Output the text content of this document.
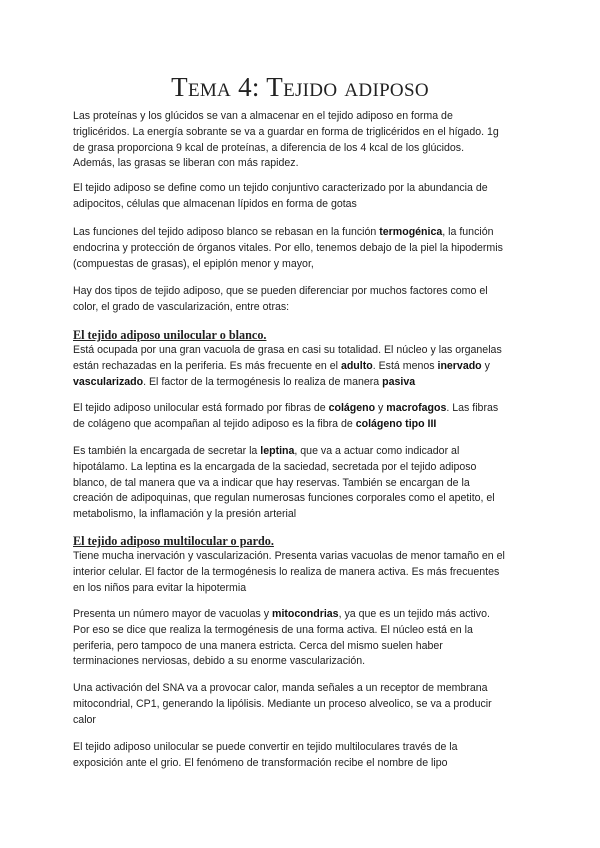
Tema 4: Tejido adiposo

Las proteínas y los glúcidos se van a almacenar en el tejido adiposo en forma de
triglicéridos. La energía sobrante se va a guardar en forma de triglicéridos en el hígado. 1g
de grasa proporciona 9 kcal de proteínas, a diferencia de los 4 kcal de los glúcidos.
Además, las grasas se liberan con más rapidez.

El tejido adiposo se define como un tejido conjuntivo caracterizado por la abundancia de
adipocitos, células que almacenan lípidos en forma de gotas

Las funciones del tejido adiposo blanco se rebasan en la función termogénica, la función
endocrina y protección de órganos vitales. Por ello, tenemos debajo de la piel la hipodermis
(compuestas de grasas), el epiplón menor y mayor,

Hay dos tipos de tejido adiposo, que se pueden diferenciar por muchos factores como el
color, el grado de vascularización, entre otras:

El tejido adiposo unilocular o blanco.

Está ocupada por una gran vacuola de grasa en casi su totalidad. El núcleo y las organelas
están rechazadas en la periferia. Es más frecuente en el adulto. Está menos inervado y
vascularizado. El factor de la termogénesis lo realiza de manera pasiva

El tejido adiposo unilocular está formado por fibras de colágeno y macrofagos. Las fibras
de colágeno que acompañan al tejido adiposo es la fibra de colágeno tipo III

Es también la encargada de secretar la leptina, que va a actuar como indicador al
hipotálamo. La leptina es la encargada de la saciedad, secretada por el tejido adiposo
blanco, de tal manera que va a indicar que hay reservas. También se encargan de la
creación de adipoquinas, que regulan numerosas funciones corporales como el apetito, el
metabolismo, la inflamación y la presión arterial

El tejido adiposo multilocular o pardo.

Tiene mucha inervación y vascularización. Presenta varias vacuolas de menor tamaño en el
interior celular. El factor de la termogénesis lo realiza de manera activa. Es más frecuentes
en los niños para evitar la hipotermia

Presenta un número mayor de vacuolas y mitocondrias, ya que es un tejido más activo.
Por eso se dice que realiza la termogénesis de una forma activa. El núcleo está en la
periferia, pero tampoco de una manera estricta. Cerca del mismo suelen haber
terminaciones nerviosas, debido a su enorme vascularización.

Una activación del SNA va a provocar calor, manda señales a un receptor de membrana
mitocondrial, CP1, generando la lipólisis. Mediante un proceso alveolico, se va a producir
calor

El tejido adiposo unilocular se puede convertir en tejido multiloculares través de la
exposición ante el grio. El fenómeno de transformación recibe el nombre de lipo
